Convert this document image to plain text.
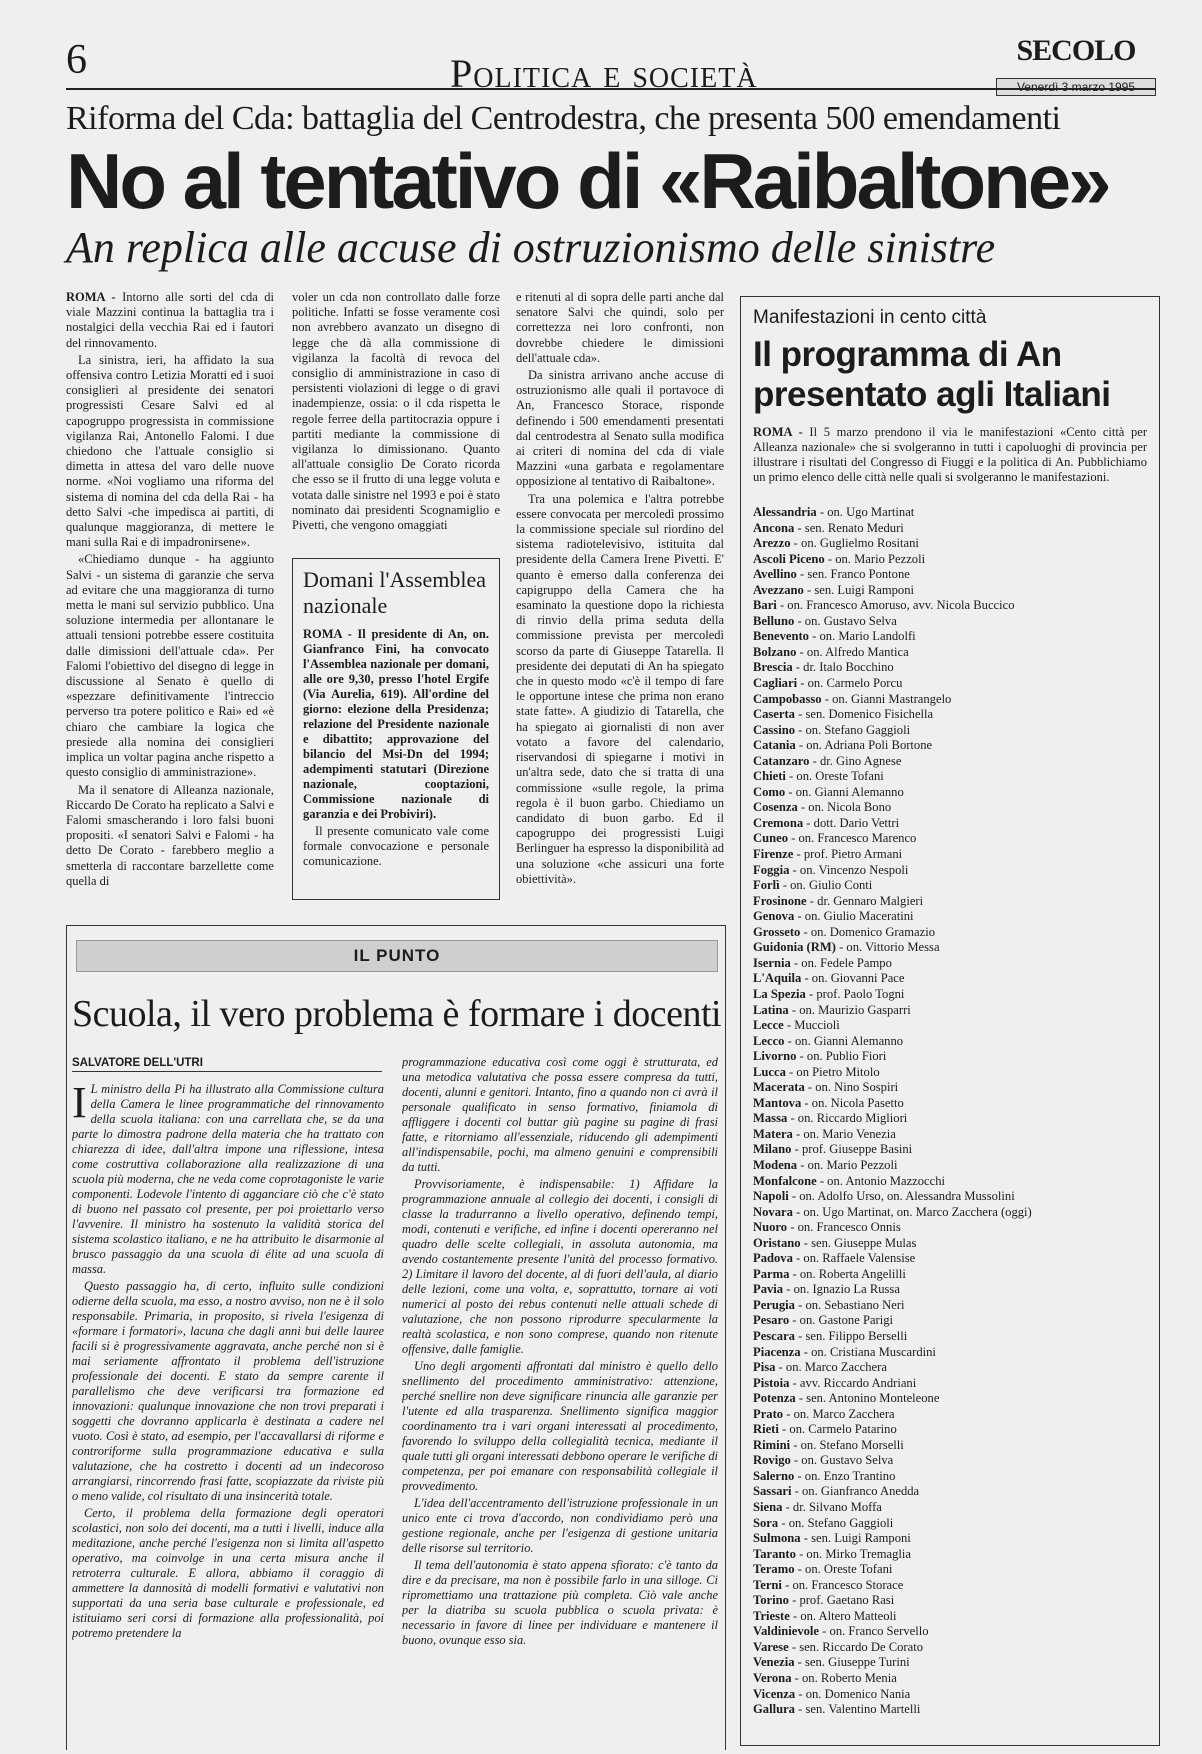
6	Politica e società
SECOLO
Venerdì 3 marzo 1995
Riforma del Cda: battaglia del Centrodestra, che presenta 500 emendamenti
No al tentativo di «Raibaltone»
An replica alle accuse di ostruzionismo delle sinistre

ROMA - Intorno alle sorti del cda di viale Mazzini continua la battaglia tra i nostalgici della vecchia Rai ed i fautori del rinnovamento.

La sinistra, ieri, ha affidato la sua offensiva contro Letizia Moratti ed i suoi consiglieri al presidente dei senatori progressisti Cesare Salvi ed al capogruppo progressista in commissione vigilanza Rai, Antonello Falomi. I due chiedono che l'attuale consiglio si dimetta in attesa del varo delle nuove norme. «Noi vogliamo una riforma del sistema di nomina del cda della Rai - ha detto Salvi -che impedisca ai partiti, di qualunque maggioranza, di mettere le mani sulla Rai e di impadronirsene».

«Chiediamo dunque - ha aggiunto Salvi - un sistema di garanzie che serva ad evitare che una maggioranza di turno metta le mani sul servizio pubblico. Una soluzione intermedia per allontanare le attuali tensioni potrebbe essere costituita dalle dimissioni dell'attuale cda». Per Falomi l'obiettivo del disegno di legge in discussione al Senato è quello di «spezzare definitivamente l'intreccio perverso tra potere politico e Rai» ed «è chiaro che cambiare la logica che presiede alla nomina dei consiglieri implica un voltar pagina anche rispetto a questo consiglio di amministrazione».

Ma il senatore di Alleanza nazionale, Riccardo De Corato ha replicato a Salvi e Falomi smascherando i loro falsi buoni propositi. «I senatori Salvi e Falomi - ha detto De Corato - farebbero meglio a smetterla di raccontare barzellette come quella di

voler un cda non controllato dalle forze politiche. Infatti se fosse veramente così non avrebbero avanzato un disegno di legge che dà alla commissione di vigilanza la facoltà di revoca del consiglio di amministrazione in caso di persistenti violazioni di legge o di gravi inadempienze, ossia: o il cda rispetta le regole ferree della partitocrazia oppure i partiti mediante la commissione di vigilanza lo dimissionano. Quanto all'attuale consiglio De Corato ricorda che esso se il frutto di una legge voluta e votata dalle sinistre nel 1993 e poi è stato nominato dai presidenti Scognamiglio e Pivetti, che vengono omaggiati

Domani l'Assemblea nazionale
ROMA - Il presidente di An, on. Gianfranco Fini, ha convocato l'Assemblea nazionale per domani, alle ore 9,30, presso l'hotel Ergife (Via Aurelia, 619). All'ordine del giorno: elezione della Presidenza; relazione del Presidente nazionale e dibattito; approvazione del bilancio del Msi-Dn del 1994; adempimenti statutari (Direzione nazionale, cooptazioni, Commissione nazionale di garanzia e dei Probiviri).
Il presente comunicato vale come formale convocazione e personale comunicazione.

e ritenuti al di sopra delle parti anche dal senatore Salvi che quindi, solo per correttezza nei loro confronti, non dovrebbe chiedere le dimissioni dell'attuale cda».

Da sinistra arrivano anche accuse di ostruzionismo alle quali il portavoce di An, Francesco Storace, risponde definendo i 500 emendamenti presentati dal centrodestra al Senato sulla modifica ai criteri di nomina del cda di viale Mazzini «una garbata e regolamentare opposizione al tentativo di Raibaltone».

Tra una polemica e l'altra potrebbe essere convocata per mercoledì prossimo la commissione speciale sul riordino del sistema radiotelevisivo, istituita dal presidente della Camera Irene Pivetti. E' quanto è emerso dalla conferenza dei capigruppo della Camera che ha esaminato la questione dopo la richiesta di rinvio della prima seduta della commissione prevista per mercoledì scorso da parte di Giuseppe Tatarella. Il presidente dei deputati di An ha spiegato che in questo modo «c'è il tempo di fare le opportune intese che prima non erano state fatte». A giudizio di Tatarella, che ha spiegato ai giornalisti di non aver votato a favore del calendario, riservandosi di spiegarne i motivi in un'altra sede, dato che si tratta di una commissione «sulle regole, la prima regola è il buon garbo. Chiediamo un candidato di buon garbo. Ed il capogruppo dei progressisti Luigi Berlinguer ha espresso la disponibilità ad una soluzione «che assicuri una forte obiettività».

Manifestazioni in cento città
Il programma di An presentato agli Italiani
ROMA - Il 5 marzo prendono il via le manifestazioni «Cento città per Alleanza nazionale» che si svolgeranno in tutti i capoluoghi di provincia per illustrare i risultati del Congresso di Fiuggi e la politica di An. Pubblichiamo un primo elenco delle città nelle quali si svolgeranno le manifestazioni.
Alessandria - on. Ugo Martinat
Ancona - sen. Renato Meduri
Arezzo - on. Guglielmo Rositani
Ascoli Piceno - on. Mario Pezzoli
Avellino - sen. Franco Pontone
Avezzano - sen. Luigi Ramponi
Bari - on. Francesco Amoruso, avv. Nicola Buccico
Belluno - on. Gustavo Selva
Benevento - on. Mario Landolfi
Bolzano - on. Alfredo Mantica
Brescia - dr. Italo Bocchino
Cagliari - on. Carmelo Porcu
Campobasso - on. Gianni Mastrangelo
Caserta - sen. Domenico Fisichella
Cassino - on. Stefano Gaggioli
Catania - on. Adriana Poli Bortone
Catanzaro - dr. Gino Agnese
Chieti - on. Oreste Tofani
Como - on. Gianni Alemanno
Cosenza - on. Nicola Bono
Cremona - dott. Dario Vettri
Cuneo - on. Francesco Marenco
Firenze - prof. Pietro Armani
Foggia - on. Vincenzo Nespoli
Forlì - on. Giulio Conti
Frosinone - dr. Gennaro Malgieri
Genova - on. Giulio Maceratini
Grosseto - on. Domenico Gramazio
Guidonia (RM) - on. Vittorio Messa
Isernia - on. Fedele Pampo
L'Aquila - on. Giovanni Pace
La Spezia - prof. Paolo Togni
Latina - on. Maurizio Gasparri
Lecce - Mucciolì
Lecco - on. Gianni Alemanno
Livorno - on. Publio Fiori
Lucca - on Pietro Mitolo
Macerata - on. Nino Sospiri
Mantova - on. Nicola Pasetto
Massa - on. Riccardo Migliori
Matera - on. Mario Venezia
Milano - prof. Giuseppe Basini
Modena - on. Mario Pezzoli
Monfalcone - on. Antonio Mazzocchi
Napoli - on. Adolfo Urso, on. Alessandra Mussolini
Novara - on. Ugo Martinat, on. Marco Zacchera (oggi)
Nuoro - on. Francesco Onnis
Oristano - sen. Giuseppe Mulas
Padova - on. Raffaele Valensise
Parma - on. Roberta Angelilli
Pavia - on. Ignazio La Russa
Perugia - on. Sebastiano Neri
Pesaro - on. Gastone Parigi
Pescara - sen. Filippo Berselli
Piacenza - on. Cristiana Muscardini
Pisa - on. Marco Zacchera
Pistoia - avv. Riccardo Andriani
Potenza - sen. Antonino Monteleone
Prato - on. Marco Zacchera
Rieti - on. Carmelo Patarino
Rimini - on. Stefano Morselli
Rovigo - on. Gustavo Selva
Salerno - on. Enzo Trantino
Sassari - on. Gianfranco Anedda
Siena - dr. Silvano Moffa
Sora - on. Stefano Gaggioli
Sulmona - sen. Luigi Ramponi
Taranto - on. Mirko Tremaglia
Teramo - on. Oreste Tofani
Terni - on. Francesco Storace
Torino - prof. Gaetano Rasi
Trieste - on. Altero Matteoli
Valdinievole - on. Franco Servello
Varese - sen. Riccardo De Corato
Venezia - sen. Giuseppe Turini
Verona - on. Roberto Menia
Vicenza - on. Domenico Nania
Gallura - sen. Valentino Martelli
IL PUNTO
Scuola, il vero problema è formare i docenti
SALVATORE DELL'UTRI

I L ministro della Pi ha illustrato alla Commissione cultura della Camera le linee programmatiche del rinnovamento della scuola italiana: con una carrellata che, se da una parte lo dimostra padrone della materia che ha trattato con chiarezza di idee, dall'altra impone una riflessione, intesa come costruttiva collaborazione alla realizzazione di una scuola più moderna, che ne veda come coprotagoniste le varie componenti. Lodevole l'intento di agganciare ciò che c'è stato di buono nel passato col presente, per poi proiettarlo verso l'avvenire. Il ministro ha sostenuto la validità storica del sistema scolastico italiano, e ne ha attribuito le disarmonie al brusco passaggio da una scuola di élite ad una scuola di massa.

Questo passaggio ha, di certo, influito sulle condizioni odierne della scuola, ma esso, a nostro avviso, non ne è il solo responsabile. Primaria, in proposito, si rivela l'esigenza di «formare i formatori», lacuna che dagli anni bui delle lauree facili si è progressivamente aggravata, anche perché non si è mai seriamente affrontato il problema dell'istruzione professionale dei docenti. E stato da sempre carente il parallelismo che deve verificarsi tra formazione ed innovazioni: qualunque innovazione che non trovi preparati i soggetti che dovranno applicarla è destinata a cadere nel vuoto. Così è stato, ad esempio, per l'accavallarsi di riforme e controriforme sulla programmazione educativa e sulla valutazione, che ha costretto i docenti ad un indecoroso arrangiarsi, rincorrendo frasi fatte, scopiazzate da riviste più o meno valide, col risultato di una insincerità totale.

Certo, il problema della formazione degli operatori scolastici, non solo dei docenti, ma a tutti i livelli, induce alla meditazione, anche perché l'esigenza non si limita all'aspetto operativo, ma coinvolge in una certa misura anche il retroterra culturale. E allora, abbiamo il coraggio di ammettere la dannosità di modelli formativi e valutativi non supportati da una seria base culturale e professionale, ed istituiamo seri corsi di formazione alla professionalità, poi potremo pretendere la

programmazione educativa così come oggi è strutturata, ed una metodica valutativa che possa essere compresa da tutti, docenti, alunni e genitori. Intanto, fino a quando non ci avrà il personale qualificato in senso formativo, finiamola di affliggere i docenti col buttar giù pagine su pagine di frasi fatte, e ritorniamo all'essenziale, riducendo gli adempimenti all'indispensabile, pochi, ma almeno genuini e comprensibili da tutti.

Provvisoriamente, è indispensabile: 1) Affidare la programmazione annuale al collegio dei docenti, i consigli di classe la tradurranno a livello operativo, definendo tempi, modi, contenuti e verifiche, ed infine i docenti opereranno nel quadro delle scelte collegiali, in assoluta autonomia, ma avendo costantemente presente l'unità del processo formativo. 2) Limitare il lavoro del docente, al di fuori dell'aula, al diario delle lezioni, come una volta, e, soprattutto, tornare ai voti numerici al posto dei rebus contenuti nelle attuali schede di valutazione, che non possono riprodurre specularmente la realtà scolastica, e non sono comprese, quando non ritenute offensive, dalle famiglie.

Uno degli argomenti affrontati dal ministro è quello dello snellimento del procedimento amministrativo: attenzione, perché snellire non deve significare rinuncia alle garanzie per l'utente ed alla trasparenza. Snellimento significa maggior coordinamento tra i vari organi interessati al procedimento, favorendo lo sviluppo della collegialità tecnica, mediante il quale tutti gli organi interessati debbono operare le verifiche di competenza, per poi emanare con responsabilità collegiale il provvedimento.

L'idea dell'accentramento dell'istruzione professionale in un unico ente ci trova d'accordo, non condividiamo però una gestione regionale, anche per l'esigenza di gestione unitaria delle risorse sul territorio.

Il tema dell'autonomia è stato appena sfiorato: c'è tanto da dire e da precisare, ma non è possibile farlo in una silloge. Ci ripromettiamo una trattazione più completa. Ciò vale anche per la diatriba su scuola pubblica o scuola privata: è necessario in favore di linee per individuare e mantenere il buono, ovunque esso sia.
